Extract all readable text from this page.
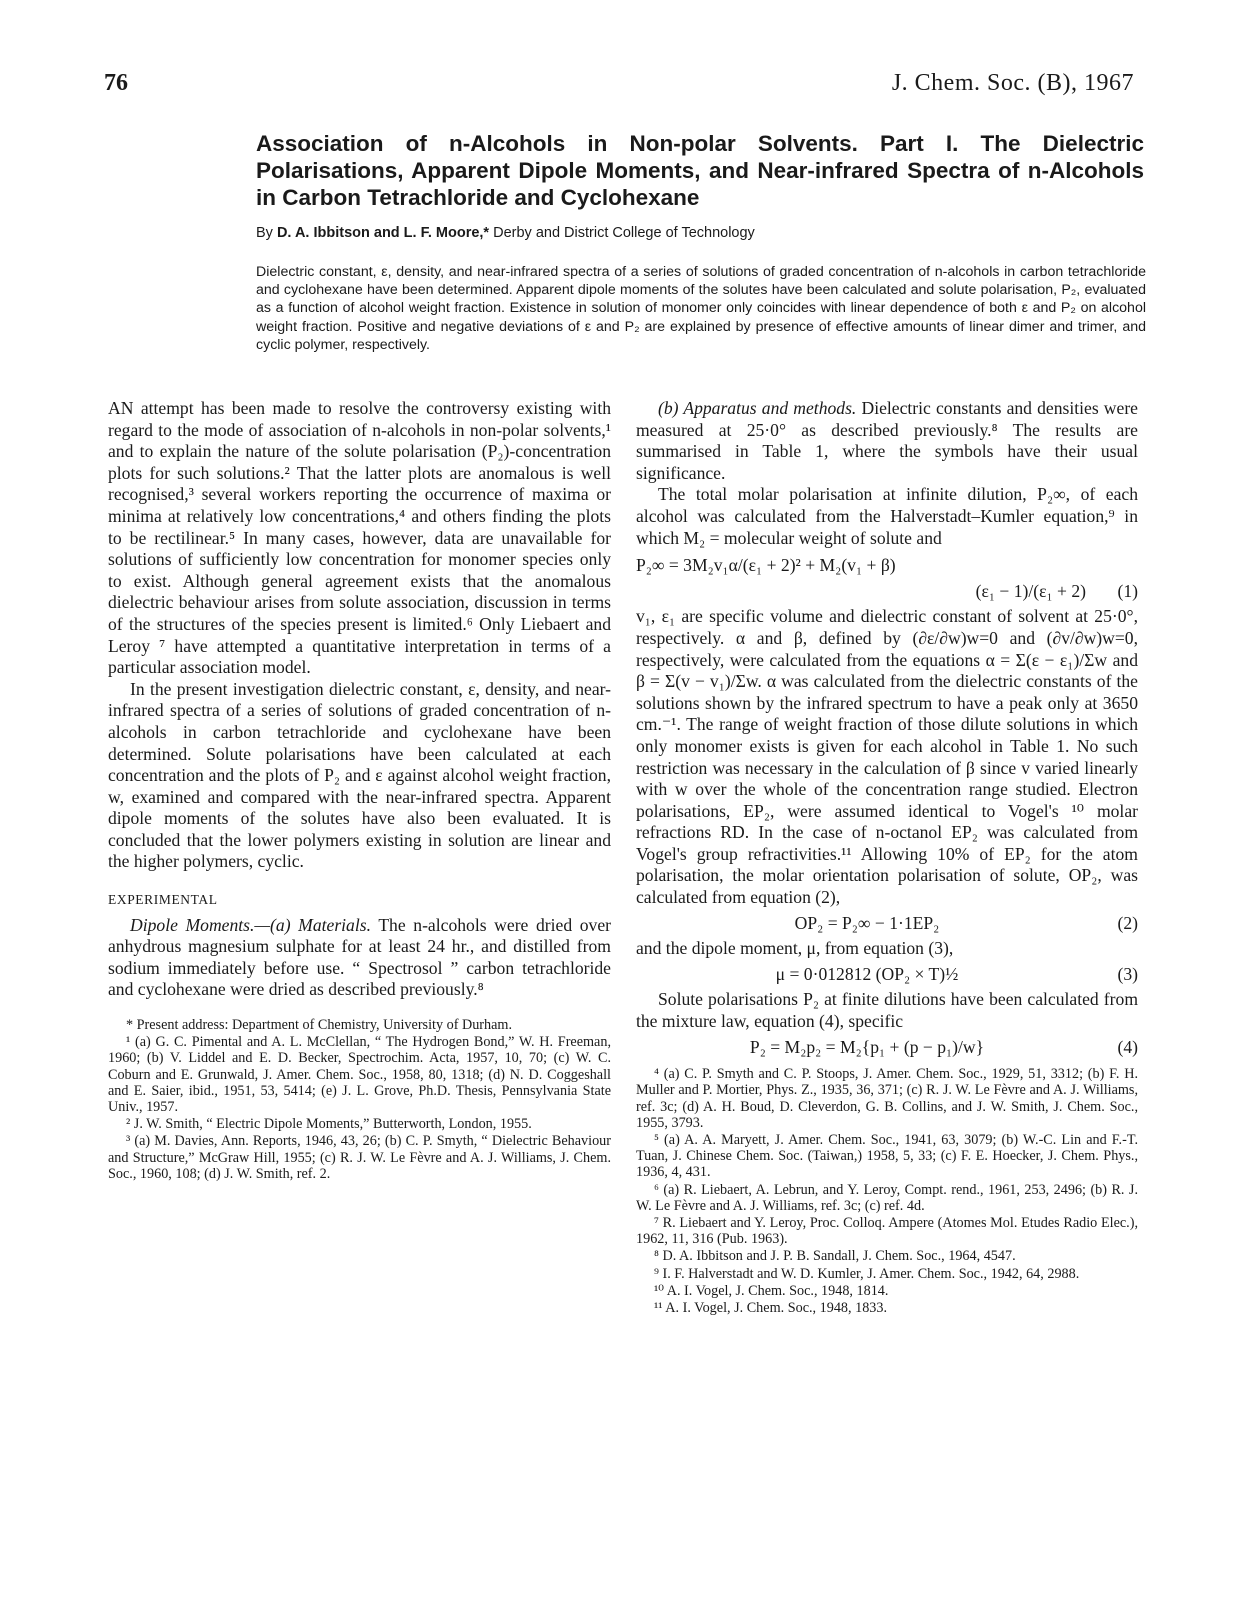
76	J. Chem. Soc. (B), 1967
Association of n-Alcohols in Non-polar Solvents. Part I. The Dielectric Polarisations, Apparent Dipole Moments, and Near-infrared Spectra of n-Alcohols in Carbon Tetrachloride and Cyclohexane
By D. A. Ibbitson and L. F. Moore,* Derby and District College of Technology
Dielectric constant, ε, density, and near-infrared spectra of a series of solutions of graded concentration of n-alcohols in carbon tetrachloride and cyclohexane have been determined. Apparent dipole moments of the solutes have been calculated and solute polarisation, P₂, evaluated as a function of alcohol weight fraction. Existence in solution of monomer only coincides with linear dependence of both ε and P₂ on alcohol weight fraction. Positive and negative deviations of ε and P₂ are explained by presence of effective amounts of linear dimer and trimer, and cyclic polymer, respectively.

AN attempt has been made to resolve the controversy existing with regard to the mode of association of n-alcohols in non-polar solvents,¹ and to explain the nature of the solute polarisation (P₂)-concentration plots for such solutions.² That the latter plots are anomalous is well recognised,³ several workers reporting the occurrence of maxima or minima at relatively low concentrations,⁴ and others finding the plots to be rectilinear.⁵ In many cases, however, data are unavailable for solutions of sufficiently low concentration for monomer species only to exist. Although general agreement exists that the anomalous dielectric behaviour arises from solute association, discussion in terms of the structures of the species present is limited.⁶ Only Liebaert and Leroy ⁷ have attempted a quantitative interpretation in terms of a particular association model.

In the present investigation dielectric constant, ε, density, and near-infrared spectra of a series of solutions of graded concentration of n-alcohols in carbon tetrachloride and cyclohexane have been determined. Solute polarisations have been calculated at each concentration and the plots of P₂ and ε against alcohol weight fraction, w, examined and compared with the near-infrared spectra. Apparent dipole moments of the solutes have also been evaluated. It is concluded that the lower polymers existing in solution are linear and the higher polymers, cyclic.

EXPERIMENTAL

Dipole Moments.—(a) Materials. The n-alcohols were dried over anhydrous magnesium sulphate for at least 24 hr., and distilled from sodium immediately before use. “ Spectrosol ” carbon tetrachloride and cyclohexane were dried as described previously.⁸

* Present address: Department of Chemistry, University of Durham.

¹ (a) G. C. Pimental and A. L. McClellan, “ The Hydrogen Bond,” W. H. Freeman, 1960; (b) V. Liddel and E. D. Becker, Spectrochim. Acta, 1957, 10, 70; (c) W. C. Coburn and E. Grunwald, J. Amer. Chem. Soc., 1958, 80, 1318; (d) N. D. Coggeshall and E. Saier, ibid., 1951, 53, 5414; (e) J. L. Grove, Ph.D. Thesis, Pennsylvania State Univ., 1957.

² J. W. Smith, “ Electric Dipole Moments,” Butterworth, London, 1955.

³ (a) M. Davies, Ann. Reports, 1946, 43, 26; (b) C. P. Smyth, “ Dielectric Behaviour and Structure,” McGraw Hill, 1955; (c) R. J. W. Le Fèvre and A. J. Williams, J. Chem. Soc., 1960, 108; (d) J. W. Smith, ref. 2.

(b) Apparatus and methods. Dielectric constants and densities were measured at 25·0° as described previously.⁸ The results are summarised in Table 1, where the symbols have their usual significance.

The total molar polarisation at infinite dilution, P₂∞, of each alcohol was calculated from the Halverstadt–Kumler equation,⁹ in which M₂ = molecular weight of solute and

P₂∞ = 3M₂v₁α/(ε₁ + 2)² + M₂(v₁ + β)
(ε₁ − 1)/(ε₁ + 2)	(1)

v₁, ε₁ are specific volume and dielectric constant of solvent at 25·0°, respectively. α and β, defined by (∂ε/∂w)w=0 and (∂v/∂w)w=0, respectively, were calculated from the equations α = Σ(ε − ε₁)/Σw and β = Σ(v − v₁)/Σw. α was calculated from the dielectric constants of the solutions shown by the infrared spectrum to have a peak only at 3650 cm.⁻¹. The range of weight fraction of those dilute solutions in which only monomer exists is given for each alcohol in Table 1. No such restriction was necessary in the calculation of β since v varied linearly with w over the whole of the concentration range studied. Electron polarisations, EP₂, were assumed identical to Vogel's ¹⁰ molar refractions RD. In the case of n-octanol EP₂ was calculated from Vogel's group refractivities.¹¹ Allowing 10% of EP₂ for the atom polarisation, the molar orientation polarisation of solute, OP₂, was calculated from equation (2),

OP₂ = P₂∞ − 1·1EP₂	(2)

and the dipole moment, μ, from equation (3),

μ = 0·012812 (OP₂ × T)½	(3)

Solute polarisations P₂ at finite dilutions have been calculated from the mixture law, equation (4), specific

P₂ = M₂p₂ = M₂{p₁ + (p − p₁)/w}	(4)

⁴ (a) C. P. Smyth and C. P. Stoops, J. Amer. Chem. Soc., 1929, 51, 3312; (b) F. H. Muller and P. Mortier, Phys. Z., 1935, 36, 371; (c) R. J. W. Le Fèvre and A. J. Williams, ref. 3c; (d) A. H. Boud, D. Cleverdon, G. B. Collins, and J. W. Smith, J. Chem. Soc., 1955, 3793.

⁵ (a) A. A. Maryett, J. Amer. Chem. Soc., 1941, 63, 3079; (b) W.-C. Lin and F.-T. Tuan, J. Chinese Chem. Soc. (Taiwan,) 1958, 5, 33; (c) F. E. Hoecker, J. Chem. Phys., 1936, 4, 431.

⁶ (a) R. Liebaert, A. Lebrun, and Y. Leroy, Compt. rend., 1961, 253, 2496; (b) R. J. W. Le Fèvre and A. J. Williams, ref. 3c; (c) ref. 4d.

⁷ R. Liebaert and Y. Leroy, Proc. Colloq. Ampere (Atomes Mol. Etudes Radio Elec.), 1962, 11, 316 (Pub. 1963).

⁸ D. A. Ibbitson and J. P. B. Sandall, J. Chem. Soc., 1964, 4547.

⁹ I. F. Halverstadt and W. D. Kumler, J. Amer. Chem. Soc., 1942, 64, 2988.

¹⁰ A. I. Vogel, J. Chem. Soc., 1948, 1814.

¹¹ A. I. Vogel, J. Chem. Soc., 1948, 1833.
